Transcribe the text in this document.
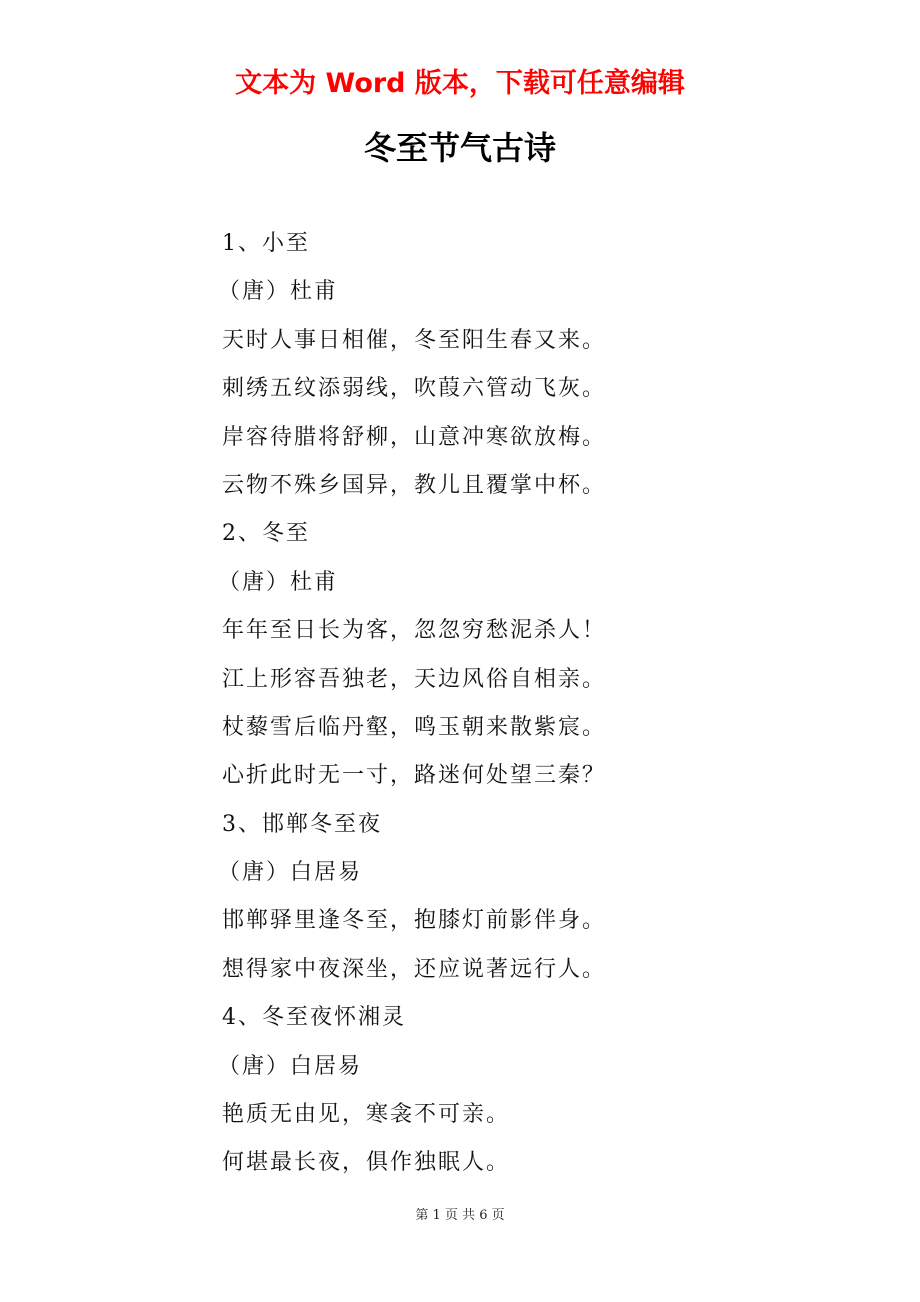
文本为 Word 版本，下载可任意编辑
冬至节气古诗
1、小至
（唐）杜甫
天时人事日相催，冬至阳生春又来。
刺绣五纹添弱线，吹葭六管动飞灰。
岸容待腊将舒柳，山意冲寒欲放梅。
云物不殊乡国异，教儿且覆掌中杯。
2、冬至
（唐）杜甫
年年至日长为客，忽忽穷愁泥杀人！
江上形容吾独老，天边风俗自相亲。
杖藜雪后临丹壑，鸣玉朝来散紫宸。
心折此时无一寸，路迷何处望三秦？
3、邯郸冬至夜
（唐）白居易
邯郸驿里逢冬至，抱膝灯前影伴身。
想得家中夜深坐，还应说著远行人。
4、冬至夜怀湘灵
（唐）白居易
艳质无由见，寒衾不可亲。
何堪最长夜，俱作独眠人。
第 1 页 共 6 页
